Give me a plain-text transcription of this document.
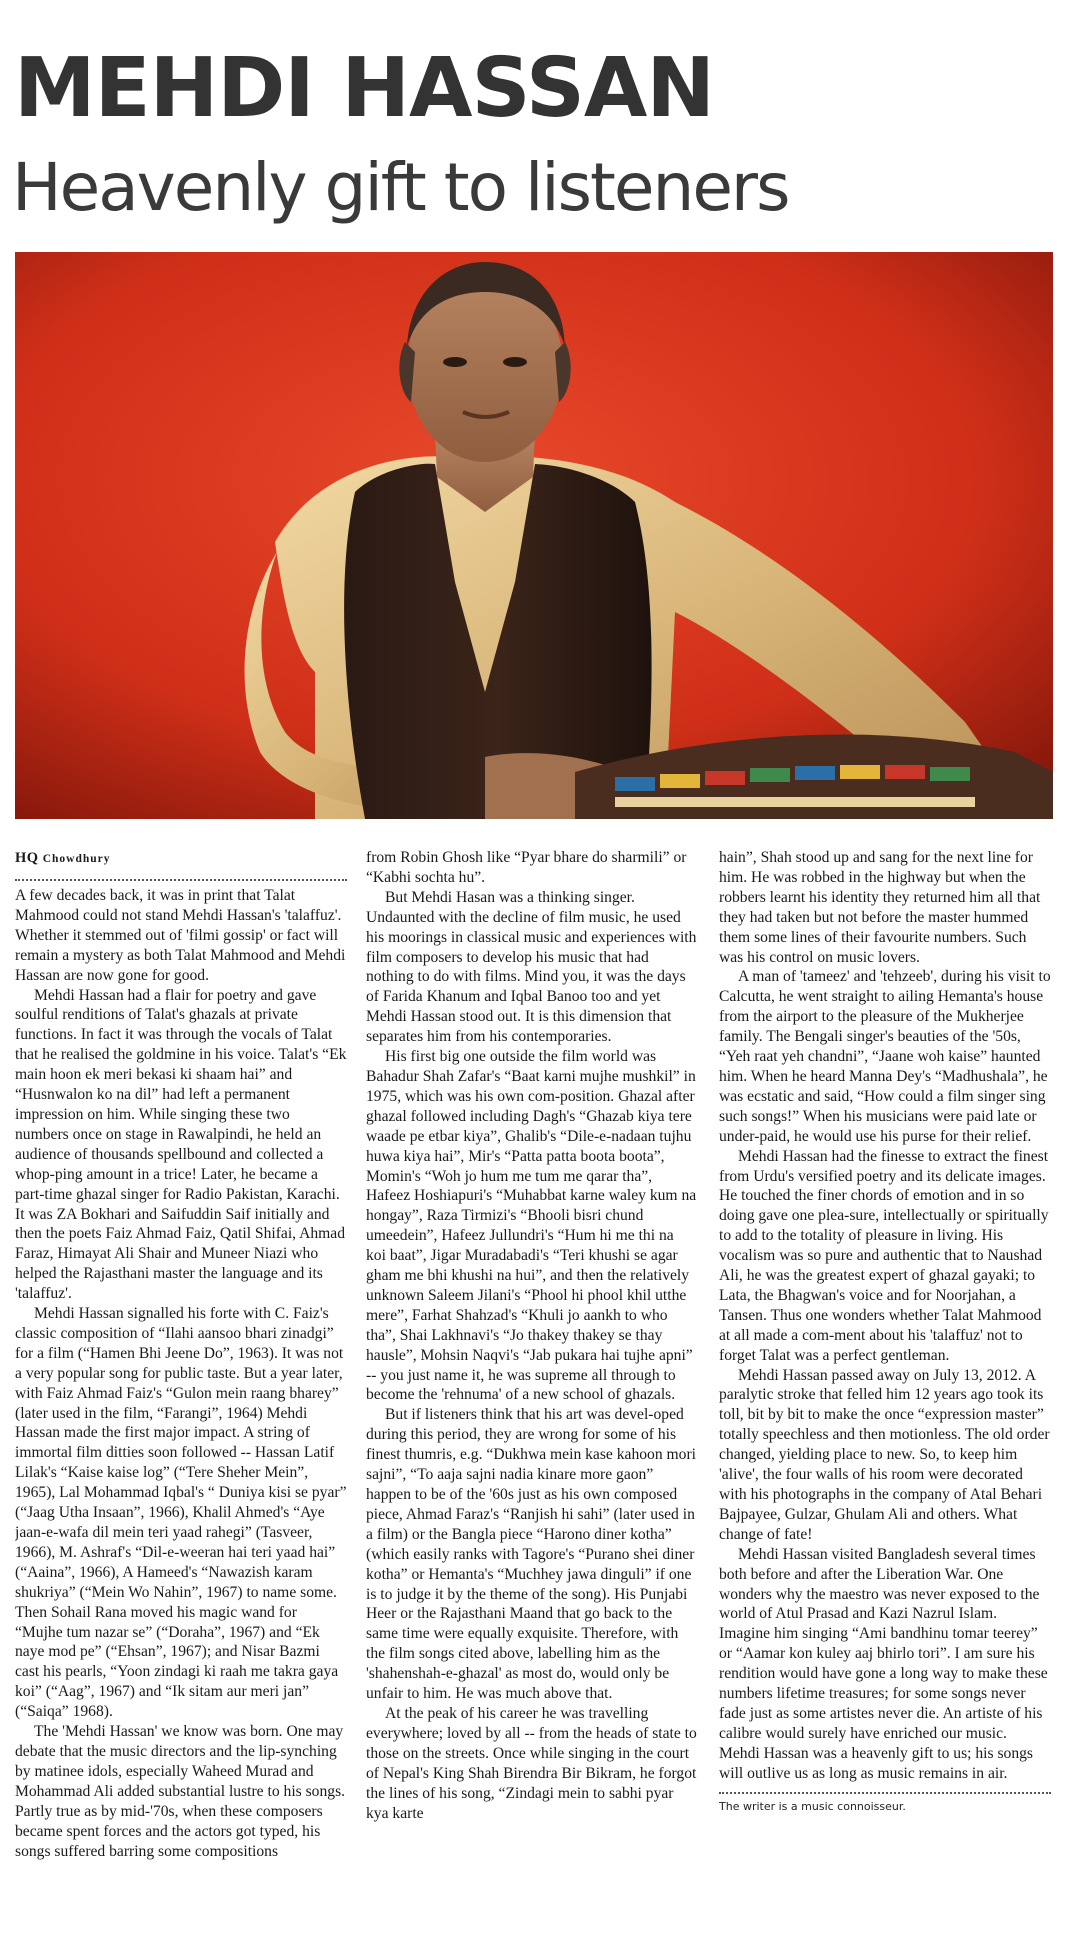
MEHDI HASSAN
Heavenly gift to listeners

HQ Chowdhury

A few decades back, it was in print that Talat Mahmood could not stand Mehdi Hassan's 'talaffuz'. Whether it stemmed out of 'filmi gossip' or fact will remain a mystery as both Talat Mahmood and Mehdi Hassan are now gone for good.

Mehdi Hassan had a flair for poetry and gave soulful renditions of Talat's ghazals at private functions. In fact it was through the vocals of Talat that he realised the goldmine in his voice. Talat's “Ek main hoon ek meri bekasi ki shaam hai” and “Husnwalon ko na dil” had left a permanent impression on him. While singing these two numbers once on stage in Rawalpindi, he held an audience of thousands spellbound and collected a whop-ping amount in a trice! Later, he became a part-time ghazal singer for Radio Pakistan, Karachi. It was ZA Bokhari and Saifuddin Saif initially and then the poets Faiz Ahmad Faiz, Qatil Shifai, Ahmad Faraz, Himayat Ali Shair and Muneer Niazi who helped the Rajasthani master the language and its 'talaffuz'.

Mehdi Hassan signalled his forte with C. Faiz's classic composition of “Ilahi aansoo bhari zinadgi” for a film (“Hamen Bhi Jeene Do”, 1963). It was not a very popular song for public taste. But a year later, with Faiz Ahmad Faiz's “Gulon mein raang bharey” (later used in the film, “Farangi”, 1964) Mehdi Hassan made the first major impact. A string of immortal film ditties soon followed -- Hassan Latif Lilak's “Kaise kaise log” (“Tere Sheher Mein”, 1965), Lal Mohammad Iqbal's “ Duniya kisi se pyar” (“Jaag Utha Insaan”, 1966), Khalil Ahmed's “Aye jaan-e-wafa dil mein teri yaad rahegi” (Tasveer, 1966), M. Ashraf's “Dil-e-weeran hai teri yaad hai” (“Aaina”, 1966), A Hameed's “Nawazish karam shukriya” (“Mein Wo Nahin”, 1967) to name some. Then Sohail Rana moved his magic wand for “Mujhe tum nazar se” (“Doraha”, 1967) and “Ek naye mod pe” (“Ehsan”, 1967); and Nisar Bazmi cast his pearls, “Yoon zindagi ki raah me takra gaya koi” (“Aag”, 1967) and “Ik sitam aur meri jan” (“Saiqa” 1968).

The 'Mehdi Hassan' we know was born. One may debate that the music directors and the lip-synching by matinee idols, especially Waheed Murad and Mohammad Ali added substantial lustre to his songs. Partly true as by mid-'70s, when these composers became spent forces and the actors got typed, his songs suffered barring some compositions

from Robin Ghosh like “Pyar bhare do sharmili” or “Kabhi sochta hu”.

But Mehdi Hasan was a thinking singer. Undaunted with the decline of film music, he used his moorings in classical music and experiences with film composers to develop his music that had nothing to do with films. Mind you, it was the days of Farida Khanum and Iqbal Banoo too and yet Mehdi Hassan stood out. It is this dimension that separates him from his contemporaries.

His first big one outside the film world was Bahadur Shah Zafar's “Baat karni mujhe mushkil” in 1975, which was his own com-position. Ghazal after ghazal followed including Dagh's “Ghazab kiya tere waade pe etbar kiya”, Ghalib's “Dile-e-nadaan tujhu huwa kiya hai”, Mir's “Patta patta boota boota”, Momin's “Woh jo hum me tum me qarar tha”, Hafeez Hoshiapuri's “Muhabbat karne waley kum na hongay”, Raza Tirmizi's “Bhooli bisri chund umeedein”, Hafeez Jullundri's “Hum hi me thi na koi baat”, Jigar Muradabadi's “Teri khushi se agar gham me bhi khushi na hui”, and then the relatively unknown Saleem Jilani's “Phool hi phool khil utthe mere”, Farhat Shahzad's “Khuli jo aankh to who tha”, Shai Lakhnavi's “Jo thakey thakey se thay hausle”, Mohsin Naqvi's “Jab pukara hai tujhe apni” -- you just name it, he was supreme all through to become the 'rehnuma' of a new school of ghazals.

But if listeners think that his art was devel-oped during this period, they are wrong for some of his finest thumris, e.g. “Dukhwa mein kase kahoon mori sajni”, “To aaja sajni nadia kinare more gaon” happen to be of the '60s just as his own composed piece, Ahmad Faraz's “Ranjish hi sahi” (later used in a film) or the Bangla piece “Harono diner kotha” (which easily ranks with Tagore's “Purano shei diner kotha” or Hemanta's “Muchhey jawa dinguli” if one is to judge it by the theme of the song). His Punjabi Heer or the Rajasthani Maand that go back to the same time were equally exquisite. Therefore, with the film songs cited above, labelling him as the 'shahenshah-e-ghazal' as most do, would only be unfair to him. He was much above that.

At the peak of his career he was travelling everywhere; loved by all -- from the heads of state to those on the streets. Once while singing in the court of Nepal's King Shah Birendra Bir Bikram, he forgot the lines of his song, “Zindagi mein to sabhi pyar kya karte

hain”, Shah stood up and sang for the next line for him. He was robbed in the highway but when the robbers learnt his identity they returned him all that they had taken but not before the master hummed them some lines of their favourite numbers. Such was his control on music lovers.

A man of 'tameez' and 'tehzeeb', during his visit to Calcutta, he went straight to ailing Hemanta's house from the airport to the pleasure of the Mukherjee family. The Bengali singer's beauties of the '50s, “Yeh raat yeh chandni”, “Jaane woh kaise” haunted him. When he heard Manna Dey's “Madhushala”, he was ecstatic and said, “How could a film singer sing such songs!” When his musicians were paid late or under-paid, he would use his purse for their relief.

Mehdi Hassan had the finesse to extract the finest from Urdu's versified poetry and its delicate images. He touched the finer chords of emotion and in so doing gave one plea-sure, intellectually or spiritually to add to the totality of pleasure in living. His vocalism was so pure and authentic that to Naushad Ali, he was the greatest expert of ghazal gayaki; to Lata, the Bhagwan's voice and for Noorjahan, a Tansen. Thus one wonders whether Talat Mahmood at all made a com-ment about his 'talaffuz' not to forget Talat was a perfect gentleman.

Mehdi Hassan passed away on July 13, 2012. A paralytic stroke that felled him 12 years ago took its toll, bit by bit to make the once “expression master” totally speechless and then motionless. The old order changed, yielding place to new. So, to keep him 'alive', the four walls of his room were decorated with his photographs in the company of Atal Behari Bajpayee, Gulzar, Ghulam Ali and others. What change of fate!

Mehdi Hassan visited Bangladesh several times both before and after the Liberation War. One wonders why the maestro was never exposed to the world of Atul Prasad and Kazi Nazrul Islam. Imagine him singing “Ami bandhinu tomar teerey” or “Aamar kon kuley aaj bhirlo tori”. I am sure his rendition would have gone a long way to make these numbers lifetime treasures; for some songs never fade just as some artistes never die. An artiste of his calibre would surely have enriched our music. Mehdi Hassan was a heavenly gift to us; his songs will outlive us as long as music remains in air.

The writer is a music connoisseur.
